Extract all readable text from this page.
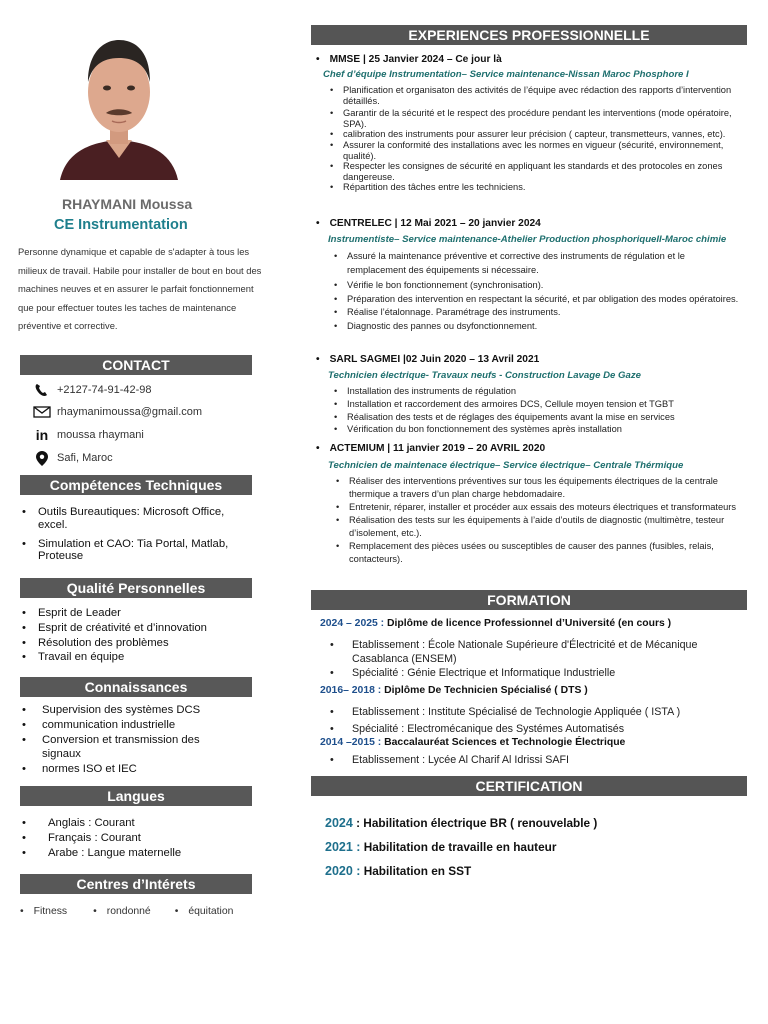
RHAYMANI Moussa
CE Instrumentation

Personne dynamique et capable de s'adapter à tous les milieux de travail. Habile pour installer de bout en bout des machines neuves et en assurer le parfait fonctionnement que pour effectuer toutes les taches de maintenance préventive et corrective.

CONTACT
+2127-74-91-42-98
rhaymanimoussa@gmail.com
in moussa rhaymani
Safi, Maroc
Compétences Techniques
• Outils Bureautiques: Microsoft Office, excel.
• Simulation et CAO: Tia Portal, Matlab, Proteuse
Qualité Personnelles
• Esprit de Leader
• Esprit de créativité et d’innovation
• Résolution des problèmes
• Travail en équipe
Connaissances
• Supervision des systèmes DCS
• communication industrielle
• Conversion et transmission des signaux
• normes ISO et IEC
Langues
• Anglais : Courant
• Français : Courant
• Arabe : Langue maternelle
Centres d’Intérets
• Fitness	• rondonné • équitation
EXPERIENCES PROFESSIONNELLE
• MMSE | 25 Janvier 2024 – Ce jour là
Chef d’équipe Instrumentation– Service maintenance-Nissan Maroc Phosphore I
• Planification et organisaton des activités de l’équipe avec rédaction des rapports d’intervention détaillés.
• Garantir de la sécurité et le respect des procédure pendant les interventions (mode opératoire, SPA).
• calibration des instruments pour assurer leur précision ( capteur, transmetteurs, vannes, etc).
• Assurer la conformité des installations avec les normes en vigueur (sécurité, environnement, qualité).
• Respecter les consignes de sécurité en appliquant les standards et des protocoles en zones dangereuse.
• Répartition des tâches entre les techniciens.
• CENTRELEC | 12 Mai 2021 – 20 janvier 2024
Instrumentiste– Service maintenance-Athelier Production phosphoriqueII-Maroc chimie
• Assuré la maintenance préventive et corrective des instruments de régulation et le remplacement des équipements si nécessaire.
• Vérifie le bon fonctionnement (synchronisation).
• Préparation des intervention en respectant la sécurité, et par obligation des modes opératoires.
• Réalise l’étalonnage. Paramétrage des instruments.
• Diagnostic des pannes ou dsyfonctionnement.
• SARL SAGMEI |02 Juin 2020 – 13 Avril 2021
Technicien électrique- Travaux neufs - Construction Lavage De Gaze
• Installation des instruments de régulation
• Installation et raccordement des armoires DCS, Cellule moyen tension et TGBT
• Réalisation des tests et de réglages des équipements avant la mise en services
• Vérification du bon fonctionnement des systèmes après installation
• ACTEMIUM | 11 janvier 2019 – 20 AVRIL 2020
Technicien de maintenace électrique– Service électrique– Centrale Thérmique
• Réaliser des interventions préventives sur tous les équipements électriques de la centrale thermique a travers d’un plan charge hebdomadaire.
• Entretenir, réparer, installer et procéder aux essais des moteurs électriques et transformateurs
• Réalisation des tests sur les équipements à l’aide d’outils de diagnostic (multimètre, testeur d’isolement, etc.).
• Remplacement des pièces usées ou susceptibles de causer des pannes (fusibles, relais, contacteurs).
FORMATION
2024 – 2025 : Diplôme de licence Professionnel d’Université (en cours )
• Etablissement : École Nationale Supérieure d'Électricité et de Mécanique Casablanca (ENSEM)
• Spécialité : Génie Electrique et Informatique Industrielle
2016– 2018 : Diplôme De Technicien Spécialisé ( DTS )
• Etablissement : Institute Spécialisé de Technologie Appliquée ( ISTA )
• Spécialité : Electromécanique des Systémes Automatisés
2014 –2015 : Baccalauréat Sciences et Technologie Électrique
• Etablissement : Lycée Al Charif Al Idrissi SAFI
CERTIFICATION
2024 : Habilitation électrique BR ( renouvelable )
2021 : Habilitation de travaille en hauteur
2020 : Habilitation en SST
